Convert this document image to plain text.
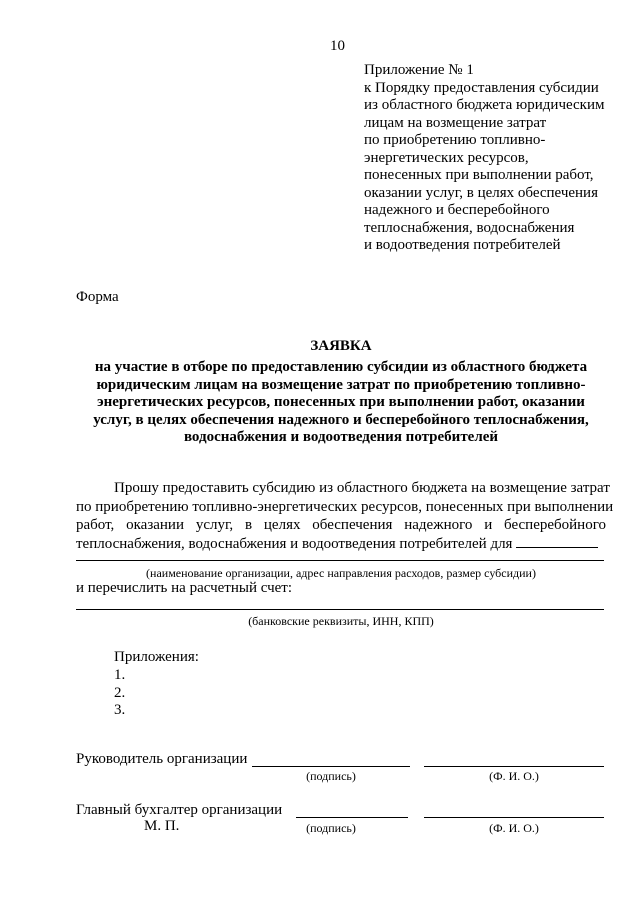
10
Приложение № 1
к Порядку предоставления субсидии
из областного бюджета юридическим
лицам на возмещение затрат
по приобретению топливно-
энергетических ресурсов,
понесенных при выполнении работ,
оказании услуг, в целях обеспечения
надежного и бесперебойного
теплоснабжения, водоснабжения
и водоотведения потребителей
Форма
ЗАЯВКА
на участие в отборе по предоставлению субсидии из областного бюджета
юридическим лицам на возмещение затрат по приобретению топливно-
энергетических ресурсов, понесенных при выполнении работ, оказании
услуг, в целях обеспечения надежного и бесперебойного теплоснабжения,
водоснабжения и водоотведения потребителей
Прошу предоставить субсидию из областного бюджета на возмещение затрат
по приобретению топливно-энергетических ресурсов, понесенных при выполнении
работ, оказании услуг, в целях обеспечения надежного и бесперебойного
теплоснабжения, водоснабжения и водоотведения потребителей для
(наименование организации, адрес направления расходов, размер субсидии)
и перечислить на расчетный счет:
(банковские реквизиты, ИНН, КПП)
Приложения:
1.
2.
3.
Руководитель организации
(подпись)	(Ф. И. О.)
Главный бухгалтер организации
М. П.	(подпись)	(Ф. И. О.)
